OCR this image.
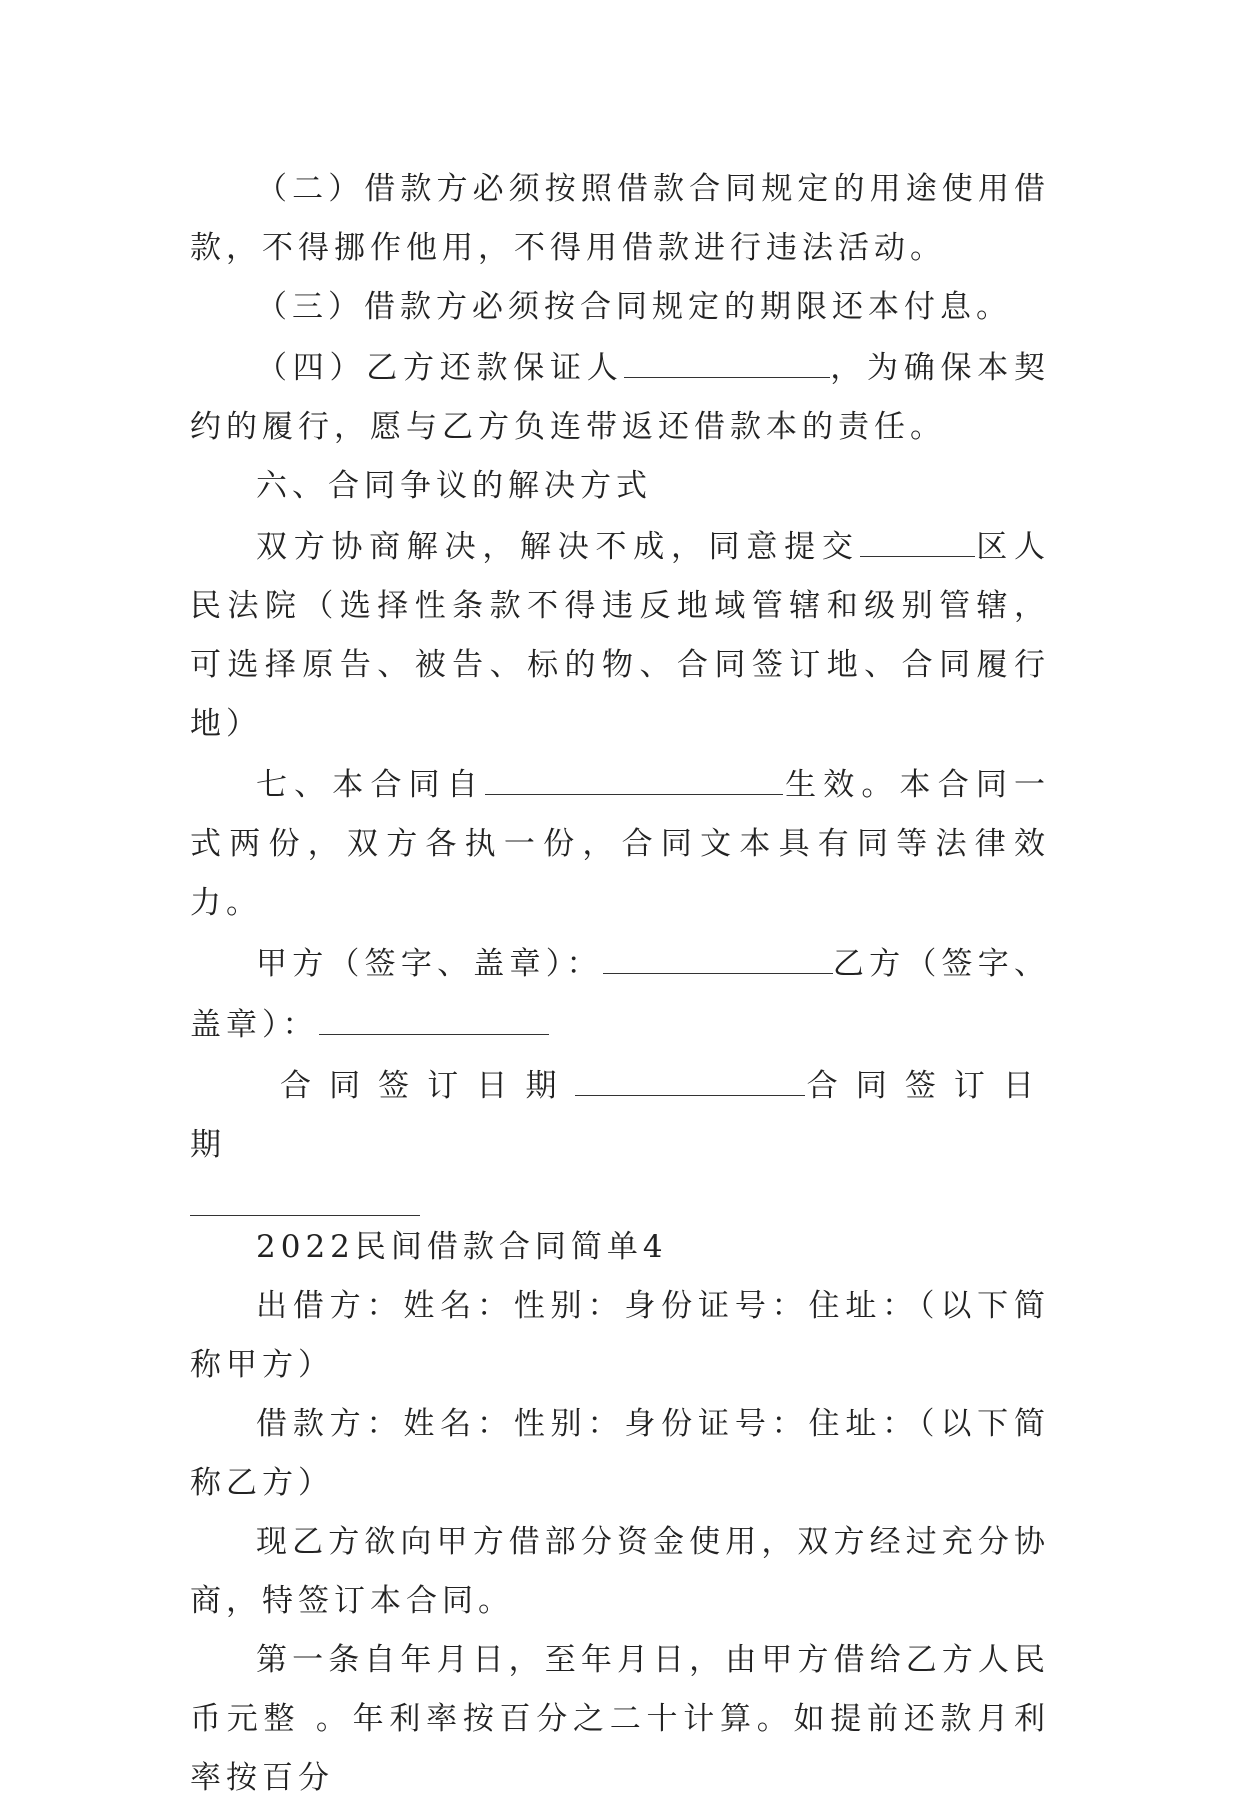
（二）借款方必须按照借款合同规定的用途使用借款，不得挪作他用，不得用借款进行违法活动。

（三）借款方必须按合同规定的期限还本付息。

（四）乙方还款保证人	，为确保本契约的履行，愿与乙方负连带返还借款本的责任。

六、合同争议的解决方式

双方协商解决，解决不成，同意提交	区人民法院（选择性条款不得违反地域管辖和级别管辖，可选择原告、被告、标的物、合同签订地、合同履行地）

七、本合同自	生效。本合同一式两份，双方各执一份，合同文本具有同等法律效力。

甲方（签字、盖章）：	乙方（签字、盖章）：

合同签订日期	合同签订日期

2022民间借款合同简单4

出借方：姓名：性别：身份证号：住址：（以下简称甲方）

借款方：姓名：性别：身份证号：住址：（以下简称乙方）

现乙方欲向甲方借部分资金使用，双方经过充分协商，特签订本合同。

第一条自年月日，至年月日，由甲方借给乙方人民币元整 。年利率按百分之二十计算。如提前还款月利率按百分
